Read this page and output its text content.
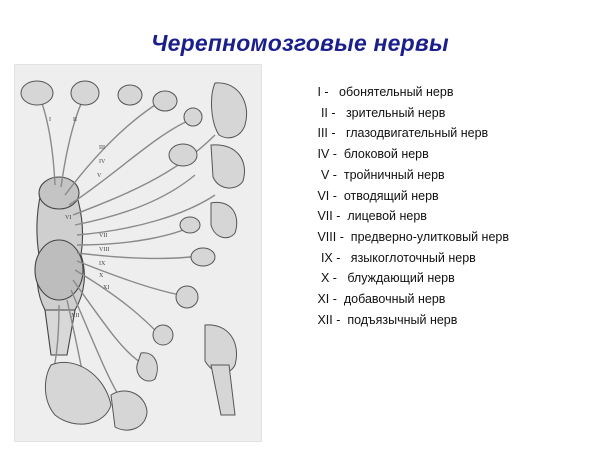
Черепномозговые нервы
I	II
III
IV
V
VI
VII
VIII
IX
X
XI
XII
I -   обонятельный нерв
II -   зрительный нерв
III -   глазодвигательный нерв
IV -  блоковой нерв
V -  тройничный нерв
VI -  отводящий нерв
VII -  лицевой нерв
VIII -  предверно-улитковый нерв
IX -   языкоглоточный нерв
X -   блуждающий нерв
XI -  добавочный нерв
XII -  подъязычный нерв
